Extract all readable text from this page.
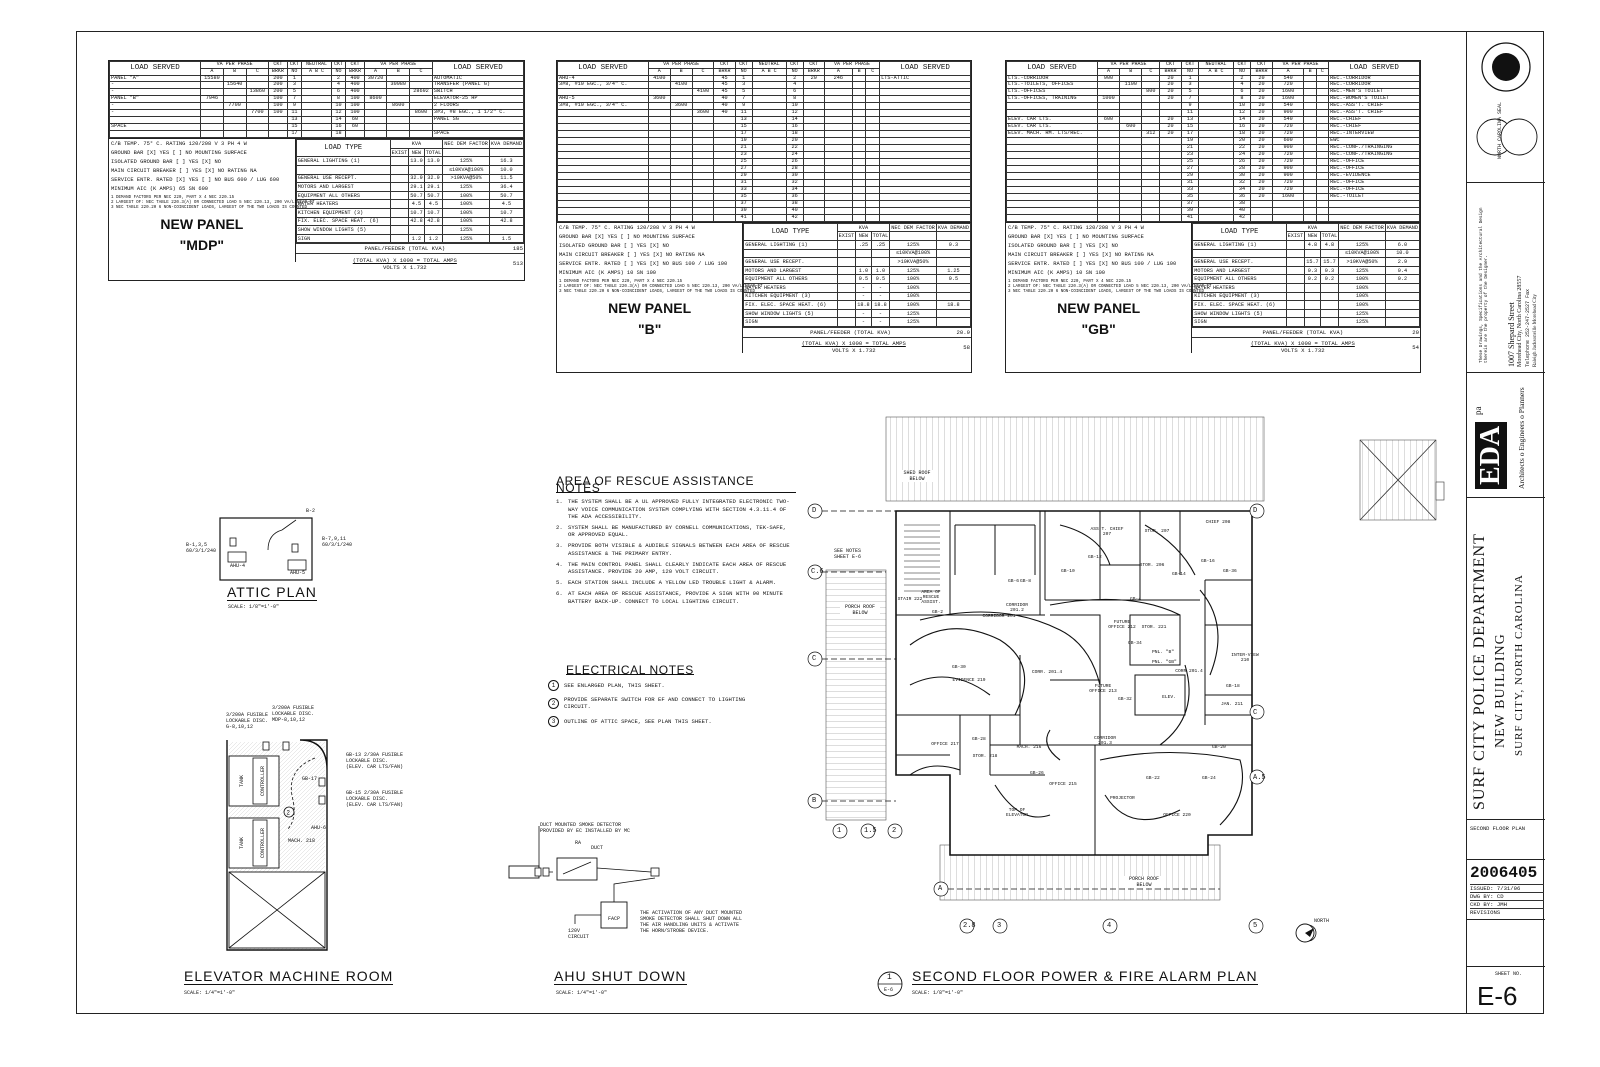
LOAD SERVED	VA PER PHASE			CKT	CKT	NEUTRAL	CKT	CKT	VA PER PHASE			LOAD SERVED
	A	B	C	BRKR	NO	A B C	NO	BRKR	A	B	C	
PANEL "A"	15580			200	1		2	400	30720			AUTOMATIC
-		15640		200	3		4	400		30980		TRANSFER (PANEL G)
-			13860	200	5		6	400			28692	SWITCH
PANEL "B"	7946			100	7		8	100	8600			ELEVATOR-25 HP
-		7700		100	9		10	100		8600		2 FLOORS
-			7700	100	11		12	100			8600	3#3, #8 EGC., 1 1/2" C.
					13		14	60				PANEL SG
SPACE					15		16	60				
					17		18					SPACE
C/B TEMP. 75° C. RATING 120/208 V 3 PH 4 W
GROUND BAR [X] YES [ ] NO MOUNTING SURFACE
ISOLATED GROUND BAR [ ] YES [X] NO
MAIN CIRCUIT BREAKER [ ] YES [X] NO RATING NA
SERVICE ENTR. RATED [X] YES [ ] NO BUS 600 / LUG 600
MINIMUM AIC (K AMPS) 65 SN 600
1 DEMAND FACTORS PER NEC 220, PART X 4 NEC 220.15
2 LARGEST OF: NEC TABLE 220.3(A) OR CONNECTED LOAD 5 NEC 220.13, 200 VA/LINEAR FT
3 NEC TABLE 220.20 6 NON-COINCIDENT LOADS, LARGEST OF THE TWO LOADS IS COUNTED
NEW PANEL
"MDP"
LOAD TYPE	KVA			NEC DEM FACTOR	KVA DEMAND
	EXIST	NEW	TOTAL		
GENERAL LIGHTING (1)		13.0	13.0	125%	16.3
				≤10KVA@100%	10.0
GENERAL USE RECEPT.		32.9	32.9	>10KVA@50%	11.5
MOTORS AND LARGEST		29.1	29.1	125%	36.4
EQUIPMENT ALL OTHERS		50.7	50.7	100%	50.7
WATER HEATERS		4.5	4.5	100%	4.5
KITCHEN EQUIPMENT (3)		10.7	10.7	100%	10.7
FIX. ELEC. SPACE HEAT. (6)		42.8	42.8	100%	42.8
SHOW WINDOW LIGHTS (5)				125%	
SIGN		1.2	1.2	125%	1.5
PANEL/FEEDER (TOTAL KVA)	185
(TOTAL KVA) X 1000 = TOTAL AMPS
VOLTS X 1.732	513
LOAD SERVED	VA PER PHASE			CKT	CKT	NEUTRAL	CKT	CKT	VA PER PHASE			LOAD SERVED
	A	B	C	BRKR	NO	A B C	NO	BRKR	A	B	C	
AHU-4	4100			45	1		2	20	246			LTS-ATTIC
3#8, #10 EGC., 3/4" C.		4100		45	3		4					
			4100	45	5		6					
AHU-5	3600			40	7		8					
3#8, #10 EGC., 3/4" C.		3600		40	9		10					
			3600	40	11		12					
					13		14					
					15		16					
					17		18					
					19		20					
					21		22					
					23		24					
					25		26					
					27		28					
					29		30					
					31		32					
					33		34					
					35		36					
					37		38					
					39		40					
					41		42					
C/B TEMP. 75° C. RATING 120/208 V 3 PH 4 W
GROUND BAR [X] YES [ ] NO MOUNTING SURFACE
ISOLATED GROUND BAR [ ] YES [X] NO
MAIN CIRCUIT BREAKER [ ] YES [X] NO RATING NA
SERVICE ENTR. RATED [ ] YES [X] NO BUS 100 / LUG 100
MINIMUM AIC (K AMPS) 10 SN 100
1 DEMAND FACTORS PER NEC 220, PART X 4 NEC 220.15
2 LARGEST OF: NEC TABLE 220.3(A) OR CONNECTED LOAD 5 NEC 220.13, 200 VA/LINEAR FT
3 NEC TABLE 220.20 6 NON-COINCIDENT LOADS, LARGEST OF THE TWO LOADS IS COUNTED
NEW PANEL
"B"
LOAD TYPE	KVA			NEC DEM FACTOR	KVA DEMAND
	EXIST	NEW	TOTAL		
GENERAL LIGHTING (1)		.25	.25	125%	0.3
				≤10KVA@100%	
GENERAL USE RECEPT.				>10KVA@50%	
MOTORS AND LARGEST		1.0	1.0	125%	1.25
EQUIPMENT ALL OTHERS		0.5	0.5	100%	0.5
WATER HEATERS		-	-	100%	
KITCHEN EQUIPMENT (3)		-	-	100%	
FIX. ELEC. SPACE HEAT. (6)		18.8	18.8	100%	18.8
SHOW WINDOW LIGHTS (5)		-	-	125%	
SIGN		-	-	125%	
PANEL/FEEDER (TOTAL KVA)	20.9
(TOTAL KVA) X 1000 = TOTAL AMPS
VOLTS X 1.732	58
LOAD SERVED	VA PER PHASE			CKT	CKT	NEUTRAL	CKT	CKT	VA PER PHASE			LOAD SERVED
	A	B	C	BRKR	NO	A B C	NO	BRKR	A	B	C	
LTS.-CORRIDOR	900			20	1		2	20	540			REC.-CORRIDOR
LTS.-TOILETS, OFFICES		1100		20	3		4	20	720			REC.-CORRIDOR
LTS.-OFFICES			800	20	5		6	20	1600			REC.-MEN'S TOILET
LTS.-OFFICES, TRAINING	1000			20	7		8	20	1600			REC.-WOMEN'S TOILET
					9		10	20	540			REC.-ASS'T. CHIEF
					11		12	20	900			REC.-ASS'T. CHIEF
ELEV. CAR LTS.	600			20	13		14	20	540			REC.-CHIEF
ELEV. CAR LTS.		600		20	15		16	20	720			REC.-CHIEF
ELEV. MACH. RM. LTS/REC.			312	20	17		18	20	720			REC.-INTERVIEW
					19		20	20	600			EWC
					21		22	20	900			REC.-CONF./TRAINGING
					23		24	20	720			REC.-CONF./TRAINGING
					25		26	20	720			REC.-OFFICE
					27		28	20	900			REC.-OFFICE
					29		30	20	900			REC.-EVIDENCE
					31		32	20	720			REC.-OFFICE
					33		34	20	720			REC.-OFFICE
					35		36	20	1600			REC.-TOILET
					37		38					
					39		40					
					41		42					
C/B TEMP. 75° C. RATING 120/208 V 3 PH 4 W
GROUND BAR [X] YES [ ] NO MOUNTING SURFACE
ISOLATED GROUND BAR [ ] YES [X] NO
MAIN CIRCUIT BREAKER [ ] YES [X] NO RATING NA
SERVICE ENTR. RATED [ ] YES [X] NO BUS 100 / LUG 100
MINIMUM AIC (K AMPS) 10 SN 100
1 DEMAND FACTORS PER NEC 220, PART X 4 NEC 220.15
2 LARGEST OF: NEC TABLE 220.3(A) OR CONNECTED LOAD 5 NEC 220.13, 200 VA/LINEAR FT
3 NEC TABLE 220.20 6 NON-COINCIDENT LOADS, LARGEST OF THE TWO LOADS IS COUNTED
NEW PANEL
"GB"
LOAD TYPE	KVA			NEC DEM FACTOR	KVA DEMAND
	EXIST	NEW	TOTAL		
GENERAL LIGHTING (1)		4.8	4.8	125%	6.0
				≤10KVA@100%	10.0
GENERAL USE RECEPT.		15.7	15.7	>10KVA@50%	2.9
MOTORS AND LARGEST		0.3	0.3	125%	0.4
EQUIPMENT ALL OTHERS		0.2	0.2	100%	0.2
WATER HEATERS				100%	
KITCHEN EQUIPMENT (3)				100%	
FIX. ELEC. SPACE HEAT. (6)				100%	
SHOW WINDOW LIGHTS (5)				125%	
SIGN				125%	
PANEL/FEEDER (TOTAL KVA)	20
(TOTAL KVA) X 1000 = TOTAL AMPS
VOLTS X 1.732	54
B-2
B-1,3,5
60/3/1/240
B-7,9,11
60/3/1/240
AHU-4
AHU-5
ATTIC PLAN
SCALE: 1/8"=1'-0"
2
3/200A FUSIBLE LOCKABLE DISC. G-8,10,12
3/200A FUSIBLE LOCKABLE DISC. MDP-8,10,12
GB-13 2/30A FUSIBLE LOCKABLE DISC. (ELEV. CAR LTS/FAN)
GB-15 2/30A FUSIBLE LOCKABLE DISC. (ELEV. CAR LTS/FAN)
GB-17
TANK	CONTROLLER
TANK	CONTROLLER	MACH. 218
AHU-6
ELEVATOR MACHINE ROOM
SCALE: 1/4"=1'-0"
AREA OF RESCUE ASSISTANCE NOTES
1. THE SYSTEM SHALL BE A UL APPROVED FULLY INTEGRATED ELECTRONIC TWO-WAY VOICE COMMUNICATION SYSTEM COMPLYING WITH SECTION 4.3.11.4 OF THE ADA ACCESSIBILITY.
2. SYSTEM SHALL BE MANUFACTURED BY CORNELL COMMUNICATIONS, TEK-SAFE, OR APPROVED EQUAL.
3. PROVIDE BOTH VISIBLE & AUDIBLE SIGNALS BETWEEN EACH AREA OF RESCUE ASSISTANCE & THE PRIMARY ENTRY.
4. THE MAIN CONTROL PANEL SHALL CLEARLY INDICATE EACH AREA OF RESCUE ASSISTANCE. PROVIDE 20 AMP, 120 VOLT CIRCUIT.
5. EACH STATION SHALL INCLUDE A YELLOW LED TROUBLE LIGHT & ALARM.
6. AT EACH AREA OF RESCUE ASSISTANCE, PROVIDE A SIGN WITH 90 MINUTE BATTERY BACK-UP. CONNECT TO LOCAL LIGHTING CIRCUIT.
ELECTRICAL NOTES
1	SEE ENLARGED PLAN, THIS SHEET.
2
PROVIDE SEPARATE SWITCH FOR EF AND CONNECT TO LIGHTING CIRCUIT.
3	OUTLINE OF ATTIC SPACE, SEE PLAN THIS SHEET.
DUCT MOUNTED SMOKE DETECTOR PROVIDED BY EC INSTALLED BY MC
RA
DUCT
FACP
120V CIRCUIT
THE ACTIVATION OF ANY DUCT MOUNTED SMOKE DETECTOR SHALL SHUT DOWN ALL THE AIR HANDLING UNITS & ACTIVATE THE HORN/STROBE DEVICE.
AHU SHUT DOWN
SCALE: 1/4"=1'-0"
NORTH
SHED ROOF BELOW
PORCH ROOF BELOW
PORCH ROOF BELOW
SEE NOTES SHEET E-6
D
C.6
C
B
A
A.5
C
D
1	1.5 2
2.8	3	4	5
STAIR 222
AREA OF RESCUE ASSIST.
CORRIDOR 201
EVIDENCE 219
OFFICE 217
STOR. 218
MACH. 216
OFFICE 215
CORR. 201.4
FUTURE OFFICE 212
FUTURE OFFICE 213
STOR. 221
CORR 201.4
ELEV.
CORRIDOR 201.3
ASS'T. CHIEF 207
STOR. 207
STOR. 206
CHIEF 208
INTER-VIEW 210
JAN. 211
OFFICE 220
TOP OF ELEVATOR
CORRIDOR 201.2
GB-30
GB-28
GB-26
GB-32
GB-34
GB-10
GB-12
GB-14
GB-16
GB-18
GB-20
GB-22	GB-24
GB-4
GB-6 GB-8
GB-36
GB-2
PROJECTOR
PNL. "B"
PNL. "GB"
1
E-6
SECOND FLOOR POWER & FIRE ALARM PLAN
SCALE: 1/8"=1'-0"
NORTH CAROLINA SEAL
These Drawings, Specifications and the Architectural Design therein are the property of the Designer. 1007 Shepard Street Morehead City, North Carolina 28557 Telephone 252-247-2527 Fax Raleigh Jacksonville Morehead City
EDA
pa	Architects o Engineers o Planners
SURF CITY POLICE DEPARTMENT NEW BUILDING SURF CITY, NORTH CAROLINA
SECOND FLOOR PLAN
2006405
ISSUED: 7/31/06
DWG BY: CD
CKD BY: JMH
REVISIONS
SHEET NO.
E-6
